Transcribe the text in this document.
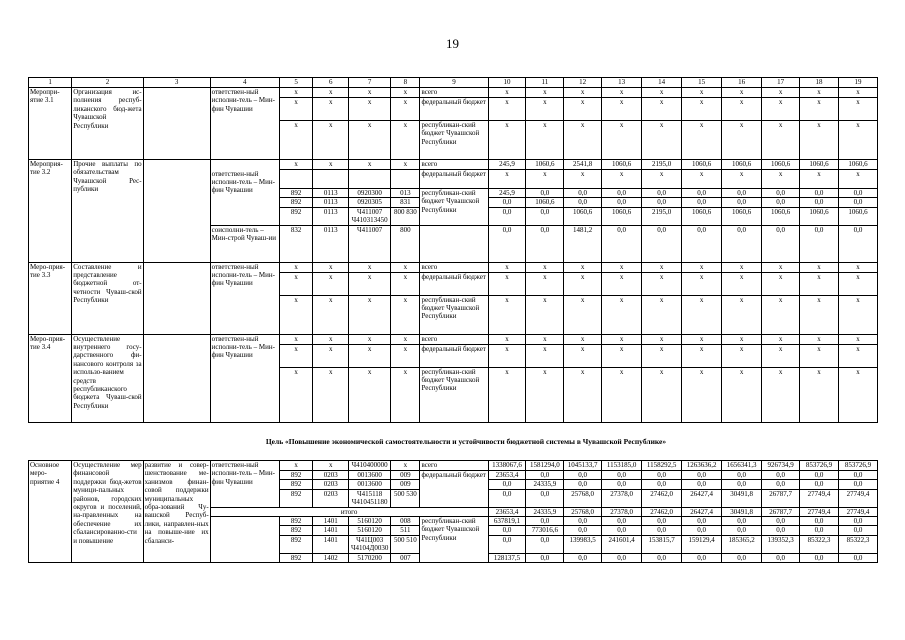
19
1	2	3	4	5	6	7	8	9	10	11	12	13	14	15	16	17	18	19
Меропри-ятие 3.1	Организация ис-полнения респуб-ликанского бюд-жета Чувашской Республики		ответствен-ный исполни-тель – Мин-фин Чувашии	x	x	x	x	всего	x	x	x	x	x	x	x	x	x	x
				x	x	x	x	федеральный бюджет	x	x	x	x	x	x	x	x	x	x
				x	x	x	x	республикан-ский бюджет Чувашской Республики	x	x	x	x	x	x	x	x	x	x
Мероприя-тие 3.2	Прочие выплаты по обязательствам Чувашской Рес-публики			x	x	x	x	всего	245,9	1060,6	2541,8	1060,6	2195,0	1060,6	1060,6	1060,6	1060,6	1060,6
			ответствен-ный исполни-тель – Мин-фин Чувашии					федеральный бюджет	x	x	x	x	x	x	x	x	x	x
				892	0113	0920300	013	республикан-ский бюджет Чувашской Республики	245,9	0,0	0,0	0,0	0,0	0,0	0,0	0,0	0,0	0,0
				892	0113	0920305	831		0,0	1060,6	0,0	0,0	0,0	0,0	0,0	0,0	0,0	0,0
				892	0113	Ч411007 Ч410313450	800 830		0,0	0,0	1060,6	1060,6	2195,0	1060,6	1060,6	1060,6	1060,6	1060,6
			соисполни-тель – Мин-строй Чуваш-ии	832	0113	Ч411007	800		0,0	0,0	1481,2	0,0	0,0	0,0	0,0	0,0	0,0	0,0
Меро-прия-тие 3.3	Составление и представление бюджетной от-четности Чуваш-ской Республики		ответствен-ный исполни-тель – Мин-фин Чувашии	x	x	x	x	всего	x	x	x	x	x	x	x	x	x	x
				x	x	x	x	федеральный бюджет	x	x	x	x	x	x	x	x	x	x
				x	x	x	x	республикан-ский бюджет Чувашской Республики	x	x	x	x	x	x	x	x	x	x
Меро-прия-тие 3.4	Осуществление внутреннего госу-дарственного фи-нансового контроля за использо-ванием средств республиканского бюджета Чуваш-ской Республики		ответствен-ный исполни-тель – Мин-фин Чувашии	x	x	x	x	всего	x	x	x	x	x	x	x	x	x	x
				x	x	x	x	федеральный бюджет	x	x	x	x	x	x	x	x	x	x
				x	x	x	x	республикан-ский бюджет Чувашской Республики	x	x	x	x	x	x	x	x	x	x
Цель «Повышение экономической самостоятельности и устойчивости бюджетной системы в Чувашской Республике»
Основное меро-приятие 4	Осуществление мер финансовой поддержки бюд-жетов муници-пальных районов, городских округов и поселений, на-правленных на обеспечение их сбалансированно-сти и повышение	развитие и совер-шенствование ме-ханизмов финан-совой поддержки муниципальных обра-зований Чу-вашской Респуб-лики, направлен-ных на повыше-ние их сбаланси-	ответствен-ный исполни-тель – Мин-фин Чувашии	x	x	Ч410400000	x	всего	1338067,6	1581294,0	1045133,7	1153185,0	1158292,5	1263636,2	1656341,3	926734,9	853726,9	853726,9
				892	0203	0013600	009	федеральный бюджет	23653,4	0,0	0,0	0,0	0,0	0,0	0,0	0,0	0,0	0,0
				892	0203	0013600	009		0,0	24335,9	0,0	0,0	0,0	0,0	0,0	0,0	0,0	0,0
				892	0203	Ч415118 Ч410451180	500 530		0,0	0,0	25768,0	27378,0	27462,0	26427,4	30491,8	26787,7	27749,4	27749,4
			итого						23653,4	24335,9	25768,0	27378,0	27462,0	26427,4	30491,8	26787,7	27749,4	27749,4
				892	1401	5160120	008	республикан-ский бюджет Чувашской Республики	637819,1	0,0	0,0	0,0	0,0	0,0	0,0	0,0	0,0	0,0
				892	1401	5160120	511		0,0	773016,6	0,0	0,0	0,0	0,0	0,0	0,0	0,0	0,0
				892	1401	Ч41Ц003 Ч4104Д0030	500 510		0,0	0,0	139983,5	241601,4	153815,7	159129,4	185365,2	139352,3	85322,3	85322,3
				892	1402	5170200	007		128137,5	0,0	0,0	0,0	0,0	0,0	0,0	0,0	0,0	0,0
